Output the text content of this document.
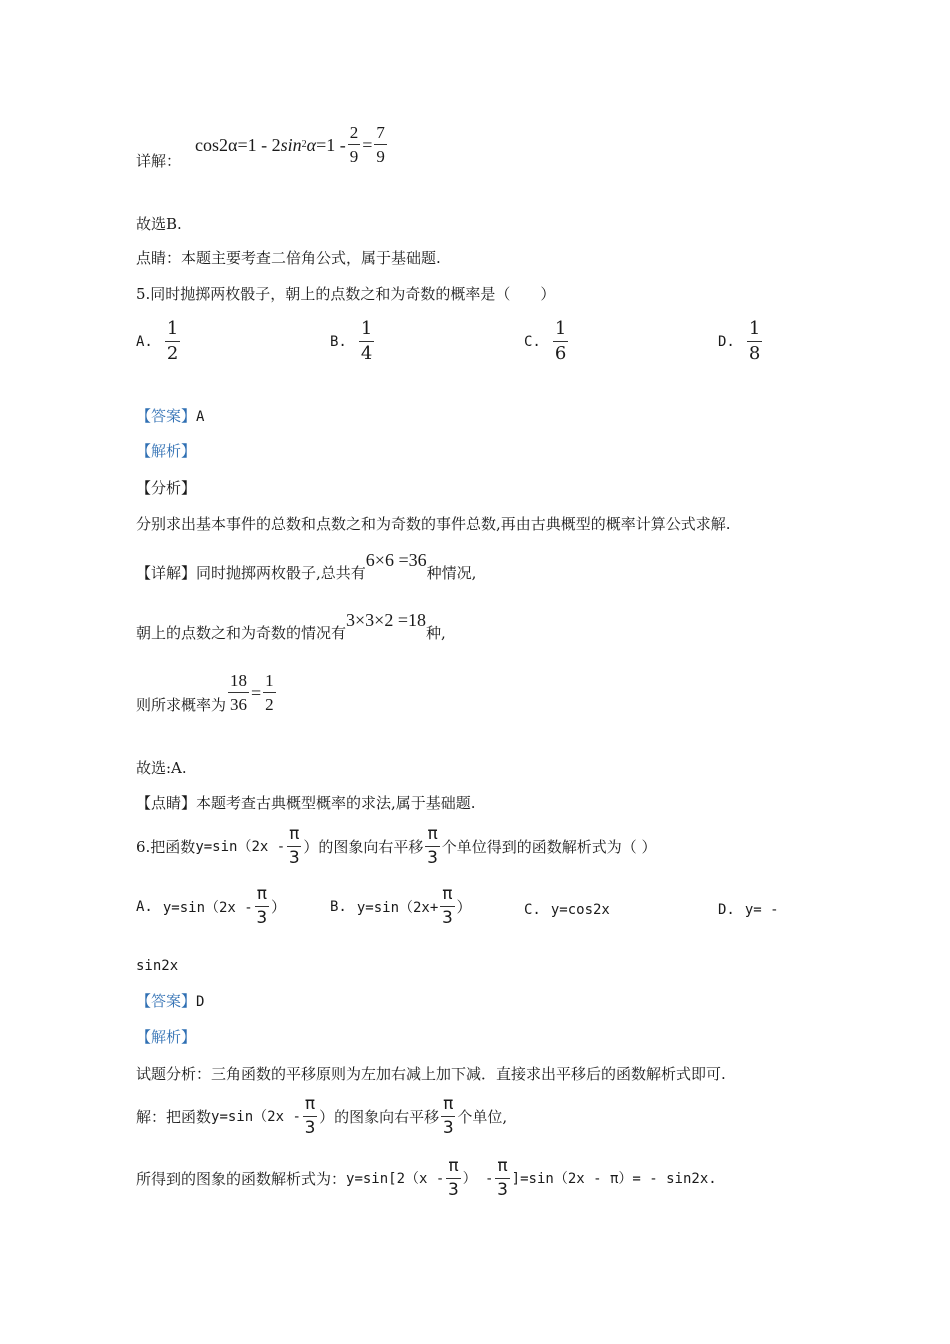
详解：
cos2α =1 - 2 sin 2 $\alpha =1 - \frac{2}{9} = \frac{7}{9}$
故选B.
点睛：本题主要考查二倍角公式，属于基础题.
5.同时抛掷两枚骰子，朝上的点数之和为奇数的概率是（　　）
A. $\frac{1}{2}$	B. $\frac{1}{4}$	C. $\frac{1}{6}$	D. $\frac{1}{8}$
【答案】A
【解析】
【分析】
分别求出基本事件的总数和点数之和为奇数的事件总数,再由古典概型的概率计算公式求解.
【详解】同时抛掷两枚骰子,总共有6×6 =36种情况,
朝上的点数之和为奇数的情况有3×3×2 =18种,
则所求概率为 $\frac{18}{36} = \frac{1}{2}$
故选:A.
【点睛】本题考查古典概型概率的求法,属于基础题.
6.把函数 $y=\sin(2x - \frac{\pi}{3}$ ）的图象向右平移 $\frac{\pi}{3}$ 个单位得到的函数解析式为（ ）
A. $y=\sin(2x - \frac{\pi}{3}$ ）	B. $y=\sin(2x+ \frac{\pi}{3}$ ）	C. y=cos2x	D. y= -
sin2x
【答案】D
【解析】
试题分析：三角函数的平移原则为左加右减上加下减．直接求出平移后的函数解析式即可.
解：把函数 $y=\sin(2x - \frac{\pi}{3}$ ）的图象向右平移 $\frac{\pi}{3}$ 个单位,
所得到的图象的函数解析式为： $y=\sin[2(x - \frac{\pi}{3}$ ） - $\frac{\pi}{3} ]=\sin(2x - \pi)= - \sin 2x$.
